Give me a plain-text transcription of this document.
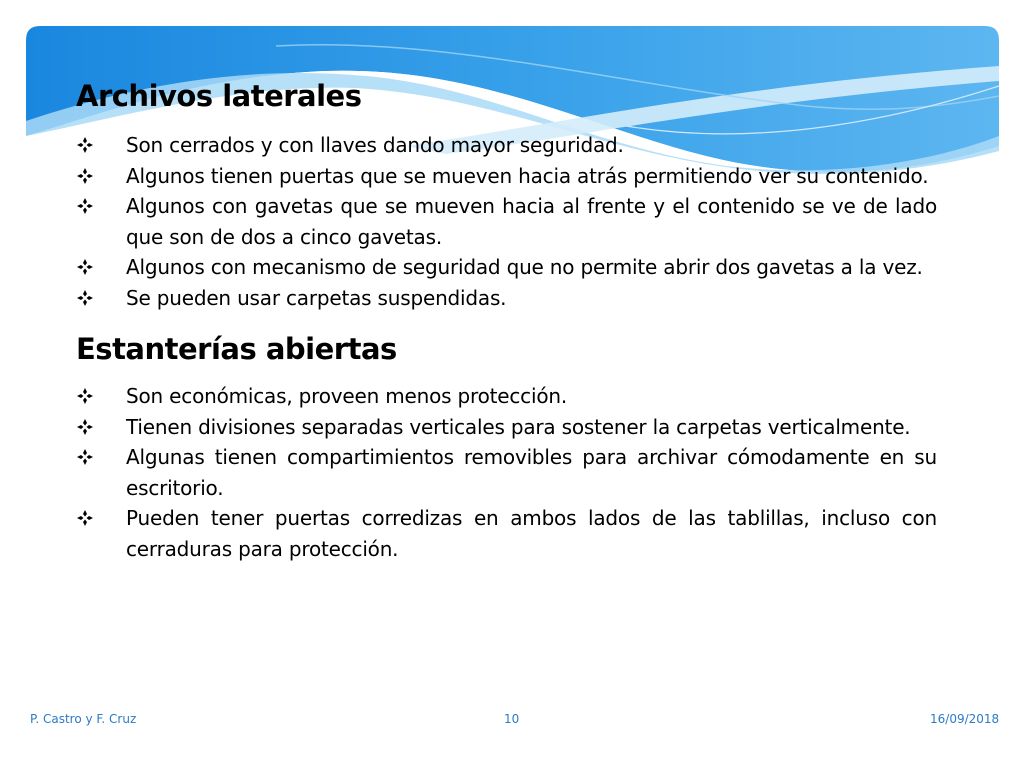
Archivos laterales
Son cerrados y con llaves dando mayor seguridad.
Algunos tienen puertas que se mueven hacia atrás permitiendo ver su contenido.
Algunos con gavetas que se mueven hacia al frente y el contenido se ve de lado que son de dos a cinco gavetas.
Algunos con mecanismo de seguridad que no permite abrir dos gavetas a la vez.
Se pueden usar carpetas suspendidas.
Estanterías abiertas
Son económicas, proveen menos protección.
Tienen divisiones separadas verticales para sostener la carpetas verticalmente.
Algunas tienen compartimientos removibles para archivar cómodamente en su escritorio.
Pueden tener puertas corredizas en ambos lados de las tablillas, incluso con cerraduras para protección.
P. Castro y F. Cruz	10	16/09/2018
